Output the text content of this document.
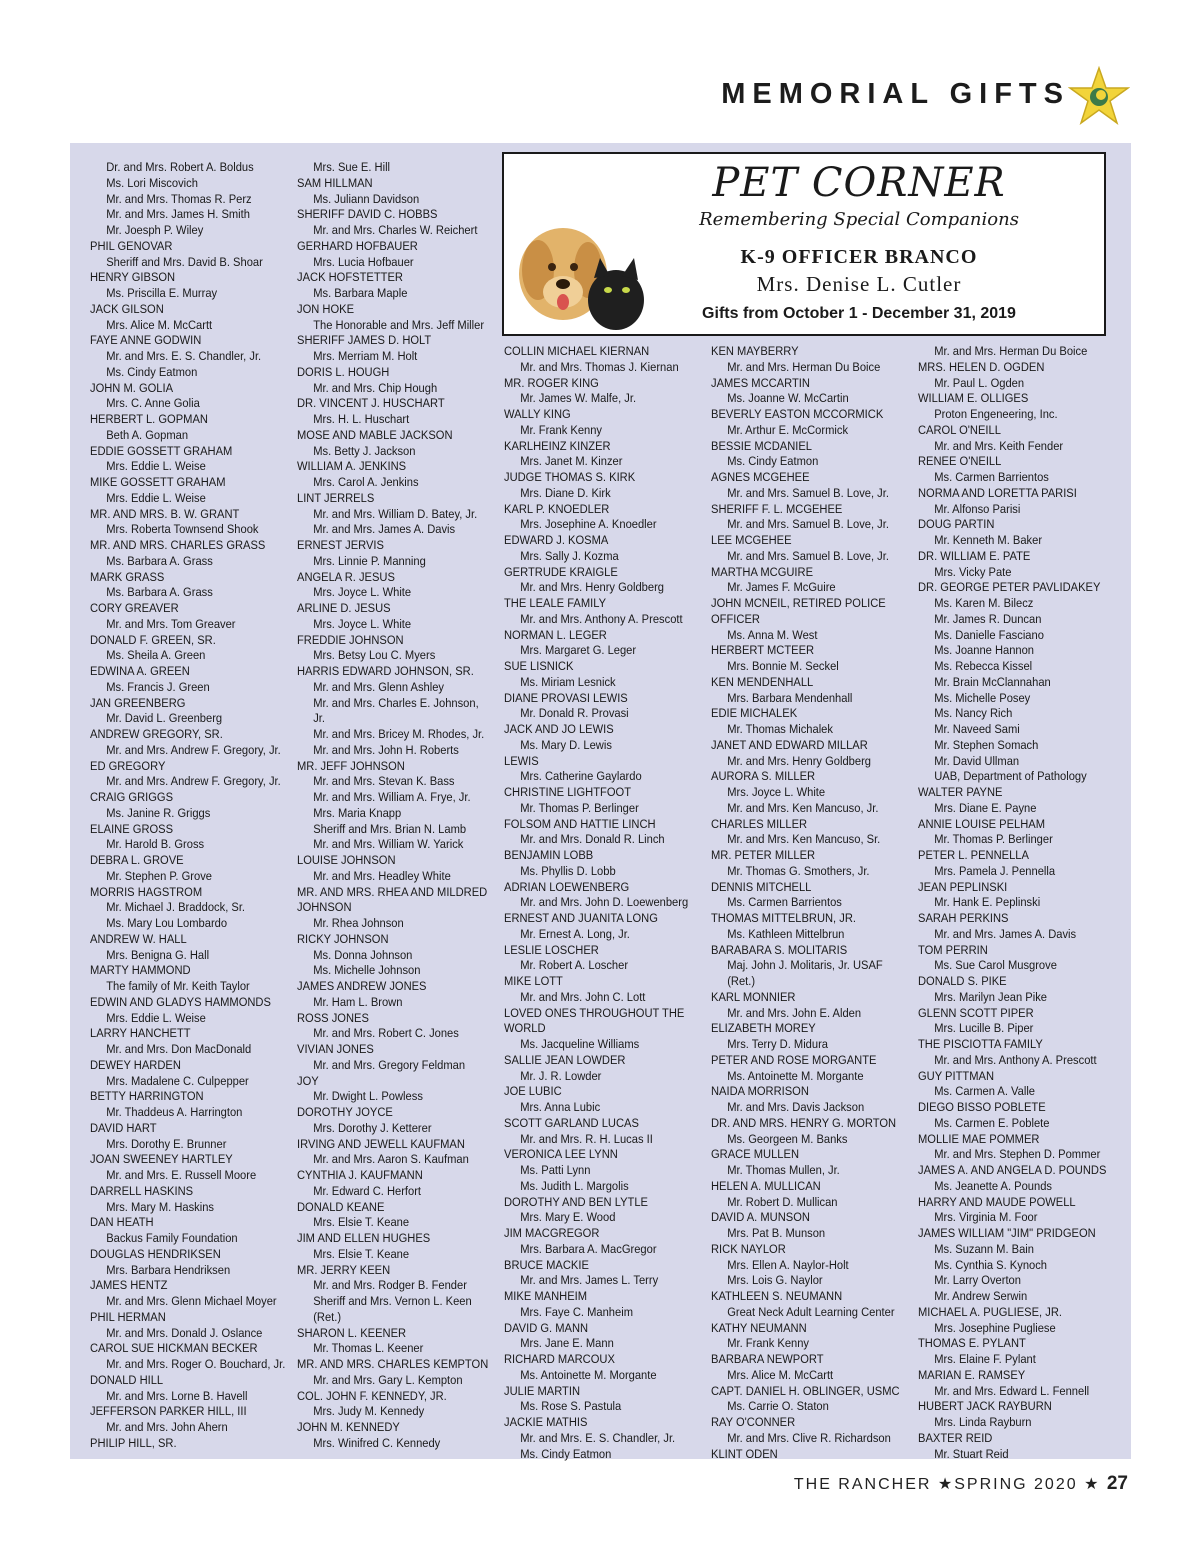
MEMORIAL GIFTS
Dr. and Mrs. Robert A. Boldus
Ms. Lori Miscovich
Mr. and Mrs. Thomas R. Perz
Mr. and Mrs. James H. Smith
Mr. Joesph P. Wiley
PHIL GENOVAR
Sheriff and Mrs. David B. Shoar
HENRY GIBSON
Ms. Priscilla E. Murray
JACK GILSON
Mrs. Alice M. McCartt
FAYE ANNE GODWIN
Mr. and Mrs. E. S. Chandler, Jr.
Ms. Cindy Eatmon
JOHN M. GOLIA
Mrs. C. Anne Golia
HERBERT L. GOPMAN
Beth A. Gopman
EDDIE GOSSETT GRAHAM
Mrs. Eddie L. Weise
MIKE GOSSETT GRAHAM
Mrs. Eddie L. Weise
MR. AND MRS. B. W. GRANT
Mrs. Roberta Townsend Shook
MR. AND MRS. CHARLES GRASS
Ms. Barbara A. Grass
MARK GRASS
Ms. Barbara A. Grass
CORY GREAVER
Mr. and Mrs. Tom Greaver
DONALD F. GREEN, SR.
Ms. Sheila A. Green
EDWINA A. GREEN
Ms. Francis J. Green
JAN GREENBERG
Mr. David L. Greenberg
ANDREW GREGORY, SR.
Mr. and Mrs. Andrew F. Gregory, Jr.
ED GREGORY
Mr. and Mrs. Andrew F. Gregory, Jr.
CRAIG GRIGGS
Ms. Janine R. Griggs
ELAINE GROSS
Mr. Harold B. Gross
DEBRA L. GROVE
Mr. Stephen P. Grove
MORRIS HAGSTROM
Mr. Michael J. Braddock, Sr.
Ms. Mary Lou Lombardo
ANDREW W. HALL
Mrs. Benigna G. Hall
MARTY HAMMOND
The family of Mr. Keith Taylor
EDWIN AND GLADYS HAMMONDS
Mrs. Eddie L. Weise
LARRY HANCHETT
Mr. and Mrs. Don MacDonald
DEWEY HARDEN
Mrs. Madalene C. Culpepper
BETTY HARRINGTON
Mr. Thaddeus A. Harrington
DAVID HART
Mrs. Dorothy E. Brunner
JOAN SWEENEY HARTLEY
Mr. and Mrs. E. Russell Moore
DARRELL HASKINS
Mrs. Mary M. Haskins
DAN HEATH
Backus Family Foundation
DOUGLAS HENDRIKSEN
Mrs. Barbara Hendriksen
JAMES HENTZ
Mr. and Mrs. Glenn Michael Moyer
PHIL HERMAN
Mr. and Mrs. Donald J. Oslance
CAROL SUE HICKMAN BECKER
Mr. and Mrs. Roger O. Bouchard, Jr.
DONALD HILL
Mr. and Mrs. Lorne B. Havell
JEFFERSON PARKER HILL, III
Mr. and Mrs. John Ahern
PHILIP HILL, SR.
Mrs. Sue E. Hill
SAM HILLMAN
Ms. Juliann Davidson
SHERIFF DAVID C. HOBBS
Mr. and Mrs. Charles W. Reichert
GERHARD HOFBAUER
Mrs. Lucia Hofbauer
JACK HOFSTETTER
Ms. Barbara Maple
JON HOKE
The Honorable and Mrs. Jeff Miller
SHERIFF JAMES D. HOLT
Mrs. Merriam M. Holt
DORIS L. HOUGH
Mr. and Mrs. Chip Hough
DR. VINCENT J. HUSCHART
Mrs. H. L. Huschart
MOSE AND MABLE JACKSON
Ms. Betty J. Jackson
WILLIAM A. JENKINS
Mrs. Carol A. Jenkins
LINT JERRELS
Mr. and Mrs. William D. Batey, Jr.
Mr. and Mrs. James A. Davis
ERNEST JERVIS
Mrs. Linnie P. Manning
ANGELA R. JESUS
Mrs. Joyce L. White
ARLINE D. JESUS
Mrs. Joyce L. White
FREDDIE JOHNSON
Mrs. Betsy Lou C. Myers
HARRIS EDWARD JOHNSON, SR.
Mr. and Mrs. Glenn Ashley
Mr. and Mrs. Charles E. Johnson,
Jr.
Mr. and Mrs. Bricey M. Rhodes, Jr.
Mr. and Mrs. John H. Roberts
MR. JEFF JOHNSON
Mr. and Mrs. Stevan K. Bass
Mr. and Mrs. William A. Frye, Jr.
Mrs. Maria Knapp
Sheriff and Mrs. Brian N. Lamb
Mr. and Mrs. William W. Yarick
LOUISE JOHNSON
Mr. and Mrs. Headley White
MR. AND MRS. RHEA AND MILDRED
JOHNSON
Mr. Rhea Johnson
RICKY JOHNSON
Ms. Donna Johnson
Ms. Michelle Johnson
JAMES ANDREW JONES
Mr. Ham L. Brown
ROSS JONES
Mr. and Mrs. Robert C. Jones
VIVIAN JONES
Mr. and Mrs. Gregory Feldman
JOY
Mr. Dwight L. Powless
DOROTHY JOYCE
Mrs. Dorothy J. Ketterer
IRVING AND JEWELL KAUFMAN
Mr. and Mrs. Aaron S. Kaufman
CYNTHIA J. KAUFMANN
Mr. Edward C. Herfort
DONALD KEANE
Mrs. Elsie T. Keane
JIM AND ELLEN HUGHES
Mrs. Elsie T. Keane
MR. JERRY KEEN
Mr. and Mrs. Rodger B. Fender
Sheriff and Mrs. Vernon L. Keen
(Ret.)
SHARON L. KEENER
Mr. Thomas L. Keener
MR. AND MRS. CHARLES KEMPTON
Mr. and Mrs. Gary L. Kempton
COL. JOHN F. KENNEDY, JR.
Mrs. Judy M. Kennedy
JOHN M. KENNEDY
Mrs. Winifred C. Kennedy
COLLIN MICHAEL KIERNAN
Mr. and Mrs. Thomas J. Kiernan
MR. ROGER KING
Mr. James W. Malfe, Jr.
WALLY KING
Mr. Frank Kenny
KARLHEINZ KINZER
Mrs. Janet M. Kinzer
JUDGE THOMAS S. KIRK
Mrs. Diane D. Kirk
KARL P. KNOEDLER
Mrs. Josephine A. Knoedler
EDWARD J. KOSMA
Mrs. Sally J. Kozma
GERTRUDE KRAIGLE
Mr. and Mrs. Henry Goldberg
THE LEALE FAMILY
Mr. and Mrs. Anthony A. Prescott
NORMAN L. LEGER
Mrs. Margaret G. Leger
SUE LISNICK
Ms. Miriam Lesnick
DIANE PROVASI LEWIS
Mr. Donald R. Provasi
JACK AND JO LEWIS
Ms. Mary D. Lewis
LEWIS
Mrs. Catherine Gaylardo
CHRISTINE LIGHTFOOT
Mr. Thomas P. Berlinger
FOLSOM AND HATTIE LINCH
Mr. and Mrs. Donald R. Linch
BENJAMIN LOBB
Ms. Phyllis D. Lobb
ADRIAN LOEWENBERG
Mr. and Mrs. John D. Loewenberg
ERNEST AND JUANITA LONG
Mr. Ernest A. Long, Jr.
LESLIE LOSCHER
Mr. Robert A. Loscher
MIKE LOTT
Mr. and Mrs. John C. Lott
LOVED ONES THROUGHOUT THE
WORLD
Ms. Jacqueline Williams
SALLIE JEAN LOWDER
Mr. J. R. Lowder
JOE LUBIC
Mrs. Anna Lubic
SCOTT GARLAND LUCAS
Mr. and Mrs. R. H. Lucas II
VERONICA LEE LYNN
Ms. Patti Lynn
Ms. Judith L. Margolis
DOROTHY AND BEN LYTLE
Mrs. Mary E. Wood
JIM MACGREGOR
Mrs. Barbara A. MacGregor
BRUCE MACKIE
Mr. and Mrs. James L. Terry
MIKE MANHEIM
Mrs. Faye C. Manheim
DAVID G. MANN
Mrs. Jane E. Mann
RICHARD MARCOUX
Ms. Antoinette M. Morgante
JULIE MARTIN
Ms. Rose S. Pastula
JACKIE MATHIS
Mr. and Mrs. E. S. Chandler, Jr.
Ms. Cindy Eatmon
KEN MAYBERRY
Mr. and Mrs. Herman Du Boice
JAMES MCCARTIN
Ms. Joanne W. McCartin
BEVERLY EASTON MCCORMICK
Mr. Arthur E. McCormick
BESSIE MCDANIEL
Ms. Cindy Eatmon
AGNES MCGEHEE
Mr. and Mrs. Samuel B. Love, Jr.
SHERIFF F. L. MCGEHEE
Mr. and Mrs. Samuel B. Love, Jr.
LEE MCGEHEE
Mr. and Mrs. Samuel B. Love, Jr.
MARTHA MCGUIRE
Mr. James F. McGuire
JOHN MCNEIL, RETIRED POLICE
OFFICER
Ms. Anna M. West
HERBERT MCTEER
Mrs. Bonnie M. Seckel
KEN MENDENHALL
Mrs. Barbara Mendenhall
EDIE MICHALEK
Mr. Thomas Michalek
JANET AND EDWARD MILLAR
Mr. and Mrs. Henry Goldberg
AURORA S. MILLER
Mrs. Joyce L. White
Mr. and Mrs. Ken Mancuso, Jr.
CHARLES MILLER
Mr. and Mrs. Ken Mancuso, Sr.
MR. PETER MILLER
Mr. Thomas G. Smothers, Jr.
DENNIS MITCHELL
Ms. Carmen Barrientos
THOMAS MITTELBRUN, JR.
Ms. Kathleen Mittelbrun
BARABARA S. MOLITARIS
Maj. John J. Molitaris, Jr. USAF
(Ret.)
KARL MONNIER
Mr. and Mrs. John E. Alden
ELIZABETH MOREY
Mrs. Terry D. Midura
PETER AND ROSE MORGANTE
Ms. Antoinette M. Morgante
NAIDA MORRISON
Mr. and Mrs. Davis Jackson
DR. AND MRS. HENRY G. MORTON
Ms. Georgeen M. Banks
GRACE MULLEN
Mr. Thomas Mullen, Jr.
HELEN A. MULLICAN
Mr. Robert D. Mullican
DAVID A. MUNSON
Mrs. Pat B. Munson
RICK NAYLOR
Mrs. Ellen A. Naylor-Holt
Mrs. Lois G. Naylor
KATHLEEN S. NEUMANN
Great Neck Adult Learning Center
KATHY NEUMANN
Mr. Frank Kenny
BARBARA NEWPORT
Mrs. Alice M. McCartt
CAPT. DANIEL H. OBLINGER, USMC
Ms. Carrie O. Staton
RAY O'CONNER
Mr. and Mrs. Clive R. Richardson
KLINT ODEN
Mr. and Mrs. Herman Du Boice
MRS. HELEN D. OGDEN
Mr. Paul L. Ogden
WILLIAM E. OLLIGES
Proton Engeneering, Inc.
CAROL O'NEILL
Mr. and Mrs. Keith Fender
RENEE O'NEILL
Ms. Carmen Barrientos
NORMA AND LORETTA PARISI
Mr. Alfonso Parisi
DOUG PARTIN
Mr. Kenneth M. Baker
DR. WILLIAM E. PATE
Mrs. Vicky Pate
DR. GEORGE PETER PAVLIDAKEY
Ms. Karen M. Bilecz
Mr. James R. Duncan
Ms. Danielle Fasciano
Ms. Joanne Hannon
Ms. Rebecca Kissel
Mr. Brain McClannahan
Ms. Michelle Posey
Ms. Nancy Rich
Mr. Naveed Sami
Mr. Stephen Somach
Mr. David Ullman
UAB, Department of Pathology
WALTER PAYNE
Mrs. Diane E. Payne
ANNIE LOUISE PELHAM
Mr. Thomas P. Berlinger
PETER L. PENNELLA
Mrs. Pamela J. Pennella
JEAN PEPLINSKI
Mr. Hank E. Peplinski
SARAH PERKINS
Mr. and Mrs. James A. Davis
TOM PERRIN
Ms. Sue Carol Musgrove
DONALD S. PIKE
Mrs. Marilyn Jean Pike
GLENN SCOTT PIPER
Mrs. Lucille B. Piper
THE PISCIOTTA FAMILY
Mr. and Mrs. Anthony A. Prescott
GUY PITTMAN
Ms. Carmen A. Valle
DIEGO BISSO POBLETE
Ms. Carmen E. Poblete
MOLLIE MAE POMMER
Mr. and Mrs. Stephen D. Pommer
JAMES A. AND ANGELA D. POUNDS
Ms. Jeanette A. Pounds
HARRY AND MAUDE POWELL
Mrs. Virginia M. Foor
JAMES WILLIAM "JIM" PRIDGEON
Ms. Suzann M. Bain
Ms. Cynthia S. Kynoch
Mr. Larry Overton
Mr. Andrew Serwin
MICHAEL A. PUGLIESE, JR.
Mrs. Josephine Pugliese
THOMAS E. PYLANT
Mrs. Elaine F. Pylant
MARIAN E. RAMSEY
Mr. and Mrs. Edward L. Fennell
HUBERT JACK RAYBURN
Mrs. Linda Rayburn
BAXTER REID
Mr. Stuart Reid
PET CORNER
Remembering Special Companions
K-9 OFFICER BRANCO
Mrs. Denise L. Cutler
Gifts from October 1 - December 31, 2019
THE RANCHER ★SPRING 2020 ★ 27
